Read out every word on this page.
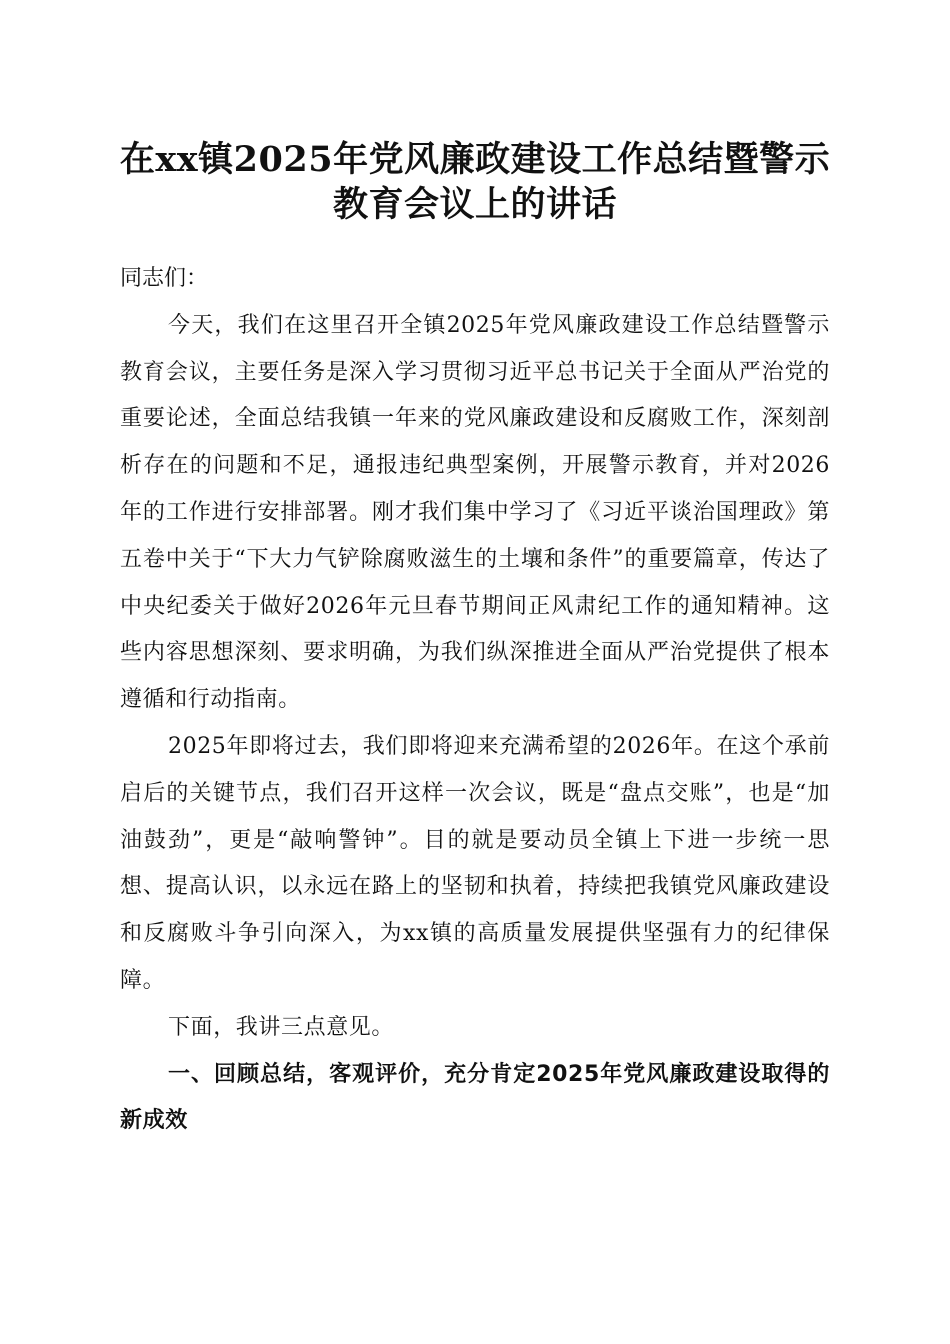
在xx镇2025年党风廉政建设工作总结暨警示
教育会议上的讲话

同志们：

今天，我们在这里召开全镇2025年党风廉政建设工作总结暨警示教育会议，主要任务是深入学习贯彻习近平总书记关于全面从严治党的重要论述，全面总结我镇一年来的党风廉政建设和反腐败工作，深刻剖析存在的问题和不足，通报违纪典型案例，开展警示教育，并对2026年的工作进行安排部署。刚才我们集中学习了《习近平谈治国理政》第五卷中关于“下大力气铲除腐败滋生的土壤和条件”的重要篇章，传达了中央纪委关于做好2026年元旦春节期间正风肃纪工作的通知精神。这些内容思想深刻、要求明确，为我们纵深推进全面从严治党提供了根本遵循和行动指南。

2025年即将过去，我们即将迎来充满希望的2026年。在这个承前启后的关键节点，我们召开这样一次会议，既是“盘点交账”，也是“加油鼓劲”，更是“敲响警钟”。目的就是要动员全镇上下进一步统一思想、提高认识，以永远在路上的坚韧和执着，持续把我镇党风廉政建设和反腐败斗争引向深入，为xx镇的高质量发展提供坚强有力的纪律保障。

下面，我讲三点意见。

一、回顾总结，客观评价，充分肯定2025年党风廉政建设取得的新成效
